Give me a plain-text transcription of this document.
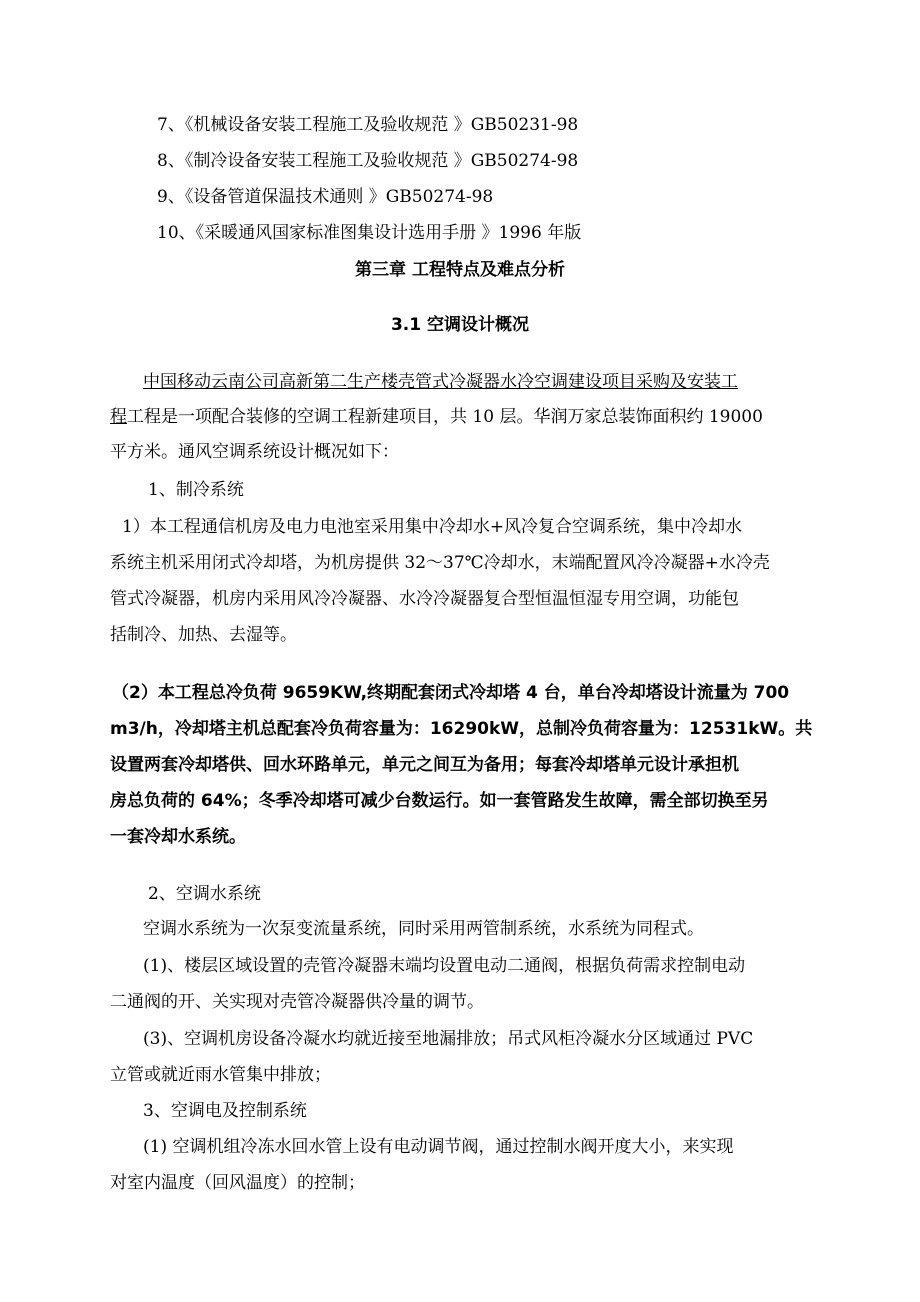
7、《机械设备安装工程施工及验收规范 》GB50231-98
8、《制冷设备安装工程施工及验收规范 》GB50274-98
9、《设备管道保温技术通则 》GB50274-98
10、《采暖通风国家标准图集设计选用手册 》1996 年版
第三章 工程特点及难点分析
3.1 空调设计概况
中国移动云南公司高新第二生产楼壳管式冷凝器水冷空调建设项目采购及安装工
程工程是一项配合装修的空调工程新建项目，共 10 层。华润万家总装饰面积约 19000
平方米。通风空调系统设计概况如下：
1、制冷系统
1）本工程通信机房及电力电池室采用集中冷却水+风冷复合空调系统，集中冷却水
系统主机采用闭式冷却塔，为机房提供 32～37℃冷却水，末端配置风冷冷凝器+水冷壳
管式冷凝器，机房内采用风冷冷凝器、水冷冷凝器复合型恒温恒湿专用空调，功能包
括制冷、加热、去湿等。
（2）本工程总冷负荷 9659KW,终期配套闭式冷却塔 4 台，单台冷却塔设计流量为 700
m3/h，冷却塔主机总配套冷负荷容量为：16290kW，总制冷负荷容量为：12531kW。共
设置两套冷却塔供、回水环路单元，单元之间互为备用；每套冷却塔单元设计承担机
房总负荷的 64%；冬季冷却塔可减少台数运行。如一套管路发生故障，需全部切换至另
一套冷却水系统。
2、空调水系统
空调水系统为一次泵变流量系统，同时采用两管制系统，水系统为同程式。
(1)、楼层区域设置的壳管冷凝器末端均设置电动二通阀，根据负荷需求控制电动
二通阀的开、关实现对壳管冷凝器供冷量的调节。
(3)、空调机房设备冷凝水均就近接至地漏排放；吊式风柜冷凝水分区域通过 PVC
立管或就近雨水管集中排放；
3、空调电及控制系统
(1) 空调机组冷冻水回水管上设有电动调节阀，通过控制水阀开度大小，来实现
对室内温度（回风温度）的控制；
